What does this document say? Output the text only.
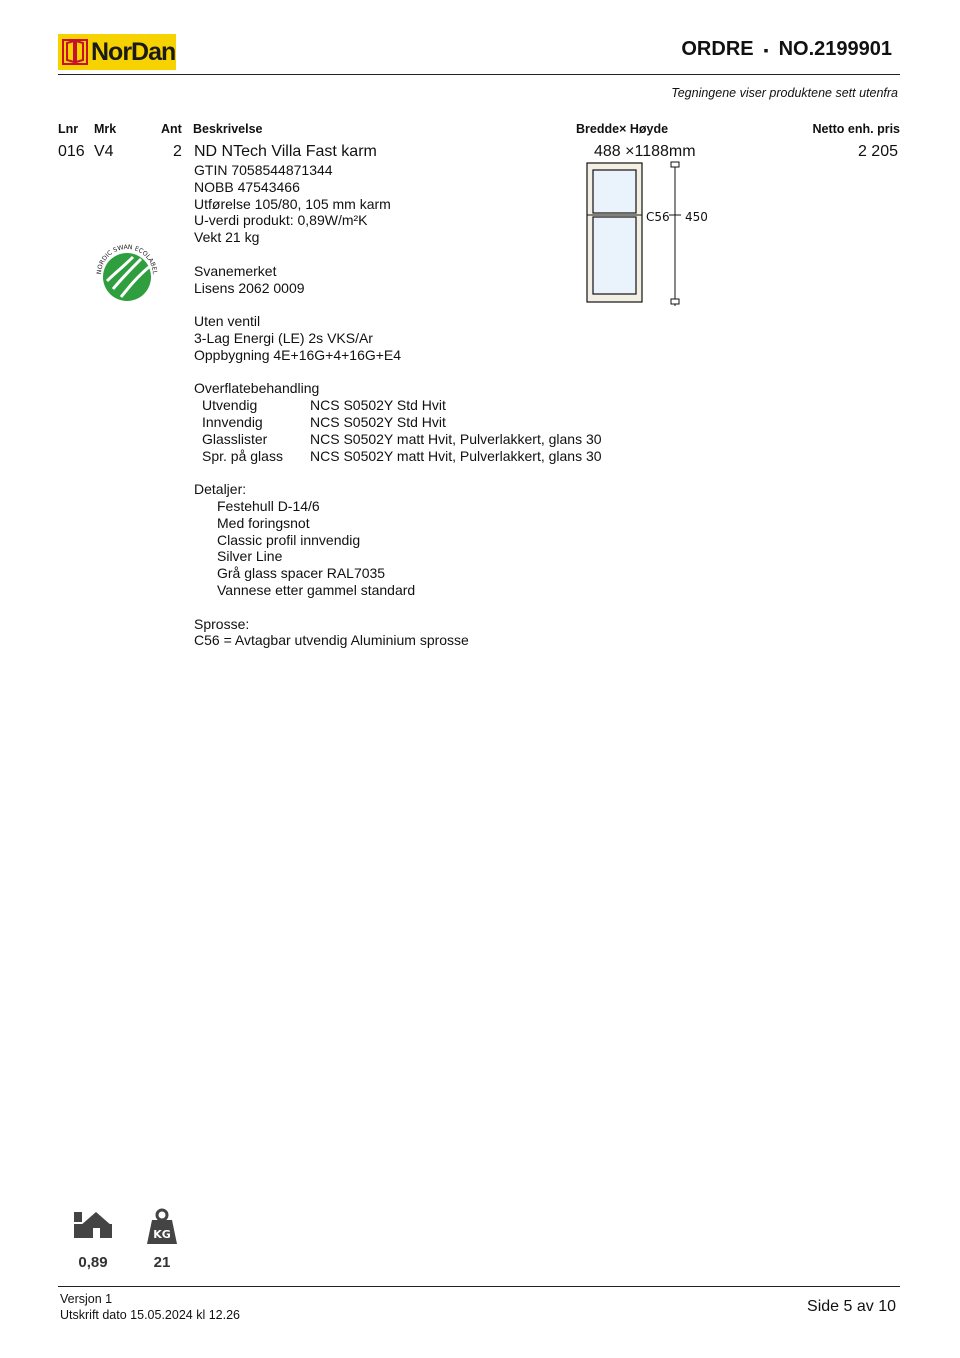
NorDan	ORDRE ▪ NO.2199901
Tegningene viser produktene sett utenfra
Lnr Mrk	Ant Beskrivelse	Bredde× Høyde	Netto enh. pris
016 V4	2 ND NTech Villa Fast karm	488 ×1188mm	2 205
GTIN 7058544871344
NOBB 47543466
Utførelse 105/80, 105 mm karm
U-verdi produkt: 0,89W/m²K
Vekt 21 kg
Svanemerket
Lisens 2062 0009
Uten ventil
3-Lag Energi (LE) 2s VKS/Ar
Oppbygning 4E+16G+4+16G+E4
Overflatebehandling
Utvendig	NCS S0502Y Std Hvit
Innvendig	NCS S0502Y Std Hvit
Glasslister	NCS S0502Y matt Hvit, Pulverlakkert, glans 30
Spr. på glass	NCS S0502Y matt Hvit, Pulverlakkert, glans 30
Detaljer:
Festehull D-14/6
Med foringsnot
Classic profil innvendig
Silver Line
Grå glass spacer RAL7035
Vannese etter gammel standard
Sprosse:
C56 = Avtagbar utvendig Aluminium sprosse
C56 450
NORDIC SWAN ECOLABEL
0,89
KG
21
Versjon 1
Utskrift dato 15.05.2024 kl 12.26	Side 5 av 10
